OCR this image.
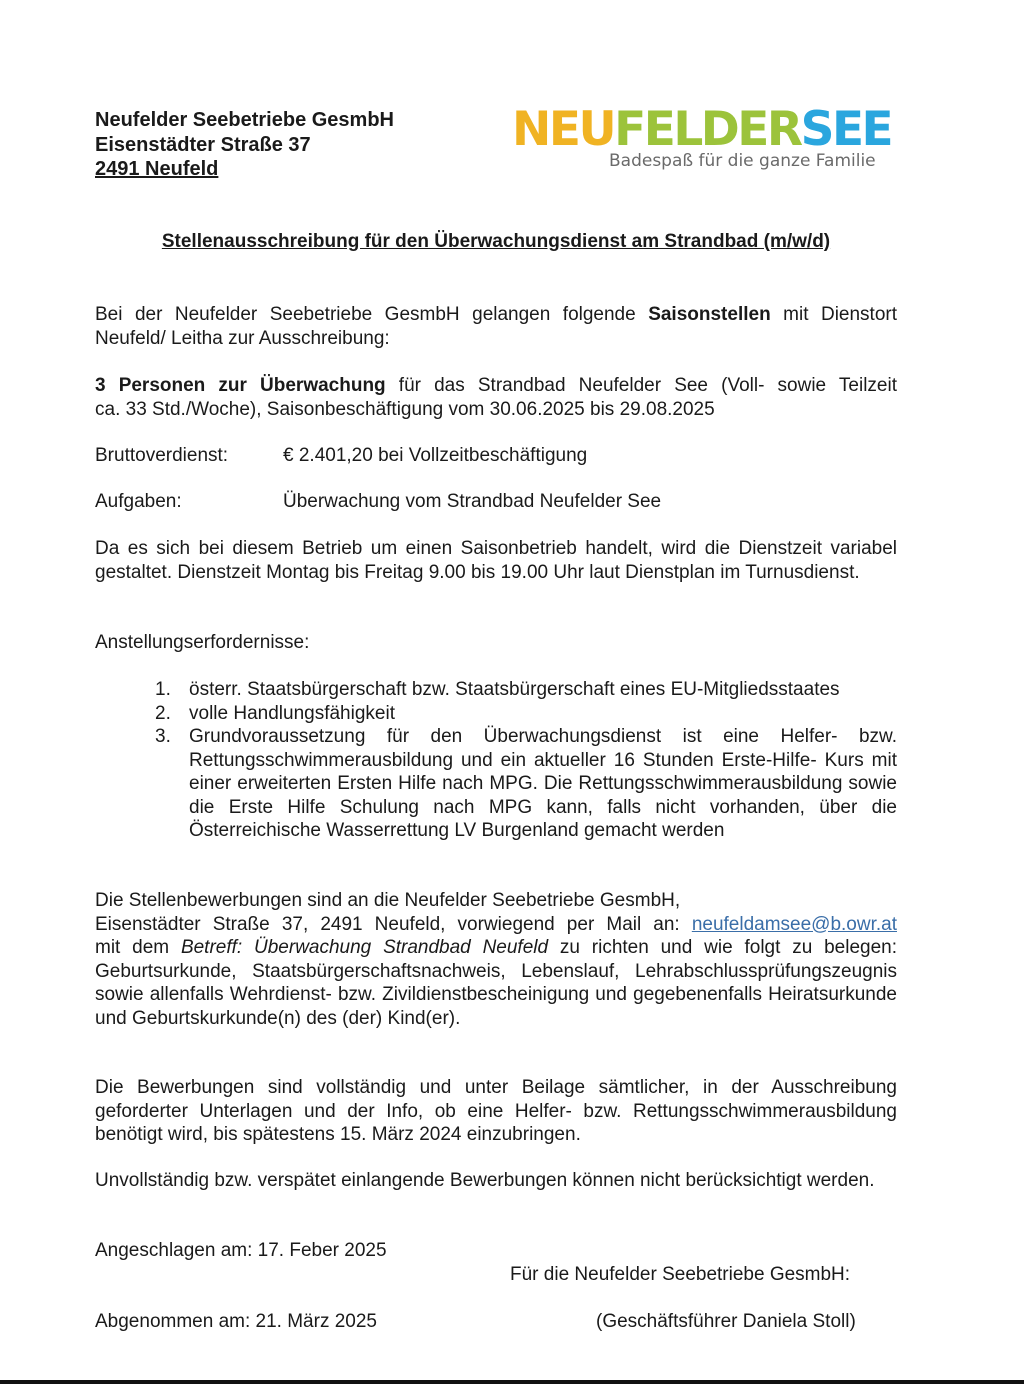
Neufelder Seebetriebe GesmbH
Eisenstädter Straße 37
2491 Neufeld
NEUFELDERSEE
Badespaß für die ganze Familie
Stellenausschreibung für den Überwachungsdienst am Strandbad (m/w/d)
Bei der Neufelder Seebetriebe GesmbH gelangen folgende Saisonstellen mit Dienstort Neufeld/ Leitha zur Ausschreibung:
3 Personen zur Überwachung für das Strandbad Neufelder See (Voll- sowie Teilzeit
ca. 33 Std./Woche), Saisonbeschäftigung vom 30.06.2025 bis 29.08.2025
Bruttoverdienst:	€ 2.401,20 bei Vollzeitbeschäftigung
Aufgaben:	Überwachung vom Strandbad Neufelder See
Da es sich bei diesem Betrieb um einen Saisonbetrieb handelt, wird die Dienstzeit variabel gestaltet. Dienstzeit Montag bis Freitag 9.00 bis 19.00 Uhr laut Dienstplan im Turnusdienst.
Anstellungserfordernisse:
1. österr. Staatsbürgerschaft bzw. Staatsbürgerschaft eines EU-Mitgliedsstaates
2. volle Handlungsfähigkeit
3. Grundvoraussetzung für den Überwachungsdienst ist eine Helfer- bzw. Rettungsschwimmerausbildung und ein aktueller 16 Stunden Erste-Hilfe- Kurs mit einer erweiterten Ersten Hilfe nach MPG. Die Rettungsschwimmerausbildung sowie die Erste Hilfe Schulung nach MPG kann, falls nicht vorhanden, über die Österreichische Wasserrettung LV Burgenland gemacht werden
Die Stellenbewerbungen sind an die Neufelder Seebetriebe GesmbH,
Eisenstädter Straße 37, 2491 Neufeld, vorwiegend per Mail an: neufeldamsee@b.owr.at
mit dem Betreff: Überwachung Strandbad Neufeld zu richten und wie folgt zu belegen: Geburtsurkunde, Staatsbürgerschaftsnachweis, Lebenslauf, Lehrabschlussprüfungszeugnis sowie allenfalls Wehrdienst- bzw. Zivildienstbescheinigung und gegebenenfalls Heiratsurkunde und Geburtskurkunde(n) des (der) Kind(er).
Die Bewerbungen sind vollständig und unter Beilage sämtlicher, in der Ausschreibung geforderter Unterlagen und der Info, ob eine Helfer- bzw. Rettungsschwimmerausbildung benötigt wird, bis spätestens 15. März 2024 einzubringen.
Unvollständig bzw. verspätet einlangende Bewerbungen können nicht berücksichtigt werden.
Angeschlagen am: 17. Feber 2025
Für die Neufelder Seebetriebe GesmbH:
Abgenommen am: 21. März 2025	(Geschäftsführer Daniela Stoll)
